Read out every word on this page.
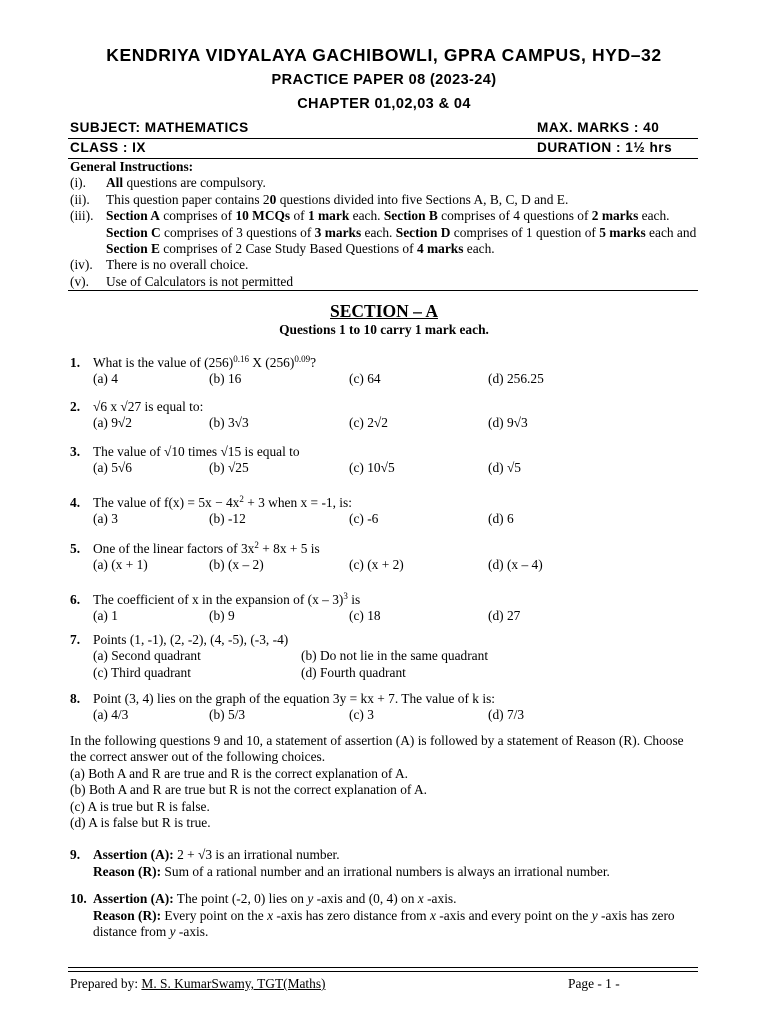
KENDRIYA VIDYALAYA GACHIBOWLI, GPRA CAMPUS, HYD–32
PRACTICE PAPER 08 (2023-24)
CHAPTER 01,02,03 & 04
SUBJECT: MATHEMATICS	MAX. MARKS : 40
CLASS : IX	DURATION : 1½ hrs
General Instructions:
(i).	All questions are compulsory.
(ii).	This question paper contains 20 questions divided into five Sections A, B, C, D and E.
(iii). Section A comprises of 10 MCQs of 1 mark each. Section B comprises of 4 questions of 2 marks each. Section C comprises of 3 questions of 3 marks each. Section D comprises of 1 question of 5 marks each and Section E comprises of 2 Case Study Based Questions of 4 marks each.
(iv). There is no overall choice.
(v).	Use of Calculators is not permitted
SECTION – A
Questions 1 to 10 carry 1 mark each.
1. What is the value of $(256)^{0.16}$ X $(256)^{0.09}$?
(a) 4	(b) 16	(c) 64	(d) 256.25
2. √6 x √27 is equal to:
(a) 9√2	(b) 3√3	(c) 2√2	(d) 9√3
3. The value of √10 times √15 is equal to
(a) 5√6	(b) √25	(c) 10√5	(d) √5
4. The value of $f(x) = 5x - 4x^2 + 3$ when x = -1, is:
(a) 3	(b) -12	(c) -6	(d) 6
5. One of the linear factors of $3x^2 + 8x + 5$ is
(a) (x + 1)	(b) (x – 2)	(c) (x + 2)	(d) (x – 4)
6. The coefficient of x in the expansion of (x – 3)$^3$ is
(a) 1	(b) 9	(c) 18	(d) 27
7. Points (1, -1), (2, -2), (4, -5), (-3, -4)
(a) Second quadrant	(b) Do not lie in the same quadrant
(c) Third quadrant	(d) Fourth quadrant
8. Point (3, 4) lies on the graph of the equation 3y = kx + 7. The value of k is:
(a) 4/3	(b) 5/3	(c) 3	(d) 7/3
In the following questions 9 and 10, a statement of assertion (A) is followed by a statement of Reason (R). Choose the correct answer out of the following choices.
(a) Both A and R are true and R is the correct explanation of A.
(b) Both A and R are true but R is not the correct explanation of A.
(c) A is true but R is false.
(d) A is false but R is true.
9. Assertion (A): 2 + √3 is an irrational number.
Reason (R): Sum of a rational number and an irrational numbers is always an irrational number.
10. Assertion (A): The point (-2, 0) lies on y -axis and (0, 4) on x -axis.
Reason (R): Every point on the x -axis has zero distance from x -axis and every point on the y -axis has zero distance from y -axis.
Prepared by: M. S. KumarSwamy, TGT(Maths)	Page - 1 -
